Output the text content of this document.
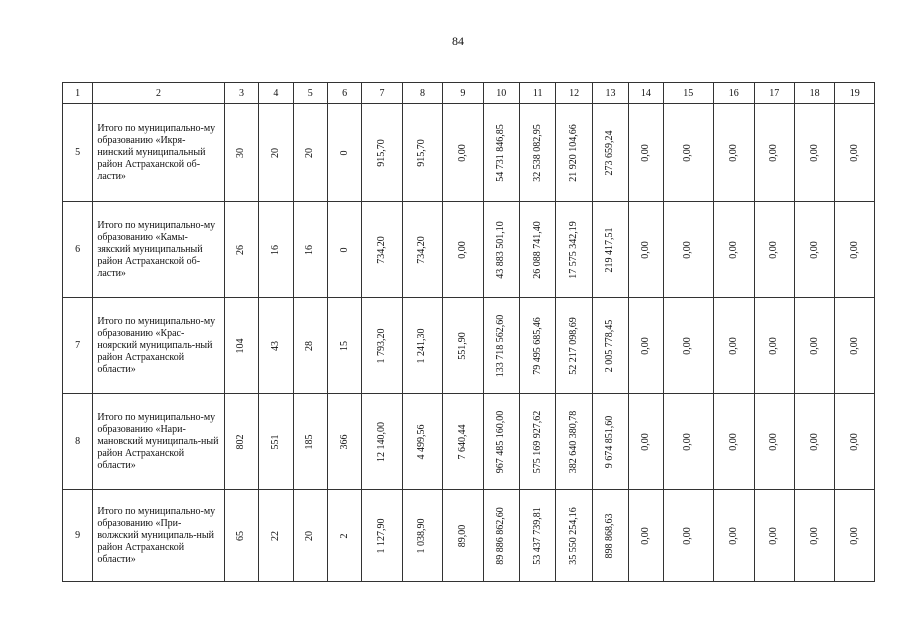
84
1	2	3	4	5	6	7	8	9	10	11	12	13	14	15	16	17	18	19
5	Итого по муниципально-му образованию «Икря-нинский муниципальный район Астраханской об-ласти»	30	20	20	0	915,70	915,70	0,00	54 731 846,85	32 538 082,95	21 920 104,66	273 659,24	0,00	0,00	0,00	0,00	0,00	0,00

6	Итого по муниципально-му образованию «Камы-зякский муниципальный район Астраханской об-ласти»	26	16	16	0	734,20	734,20	0,00	43 883 501,10	26 088 741,40	17 575 342,19	219 417,51	0,00	0,00	0,00	0,00	0,00	0,00

7	Итого по муниципально-му образованию «Крас-ноярский муниципаль-ный район Астраханской области»	104	43	28	15	1 793,20	1 241,30	551,90	133 718 562,60	79 495 685,46	52 217 098,69	2 005 778,45	0,00	0,00	0,00	0,00	0,00	0,00

8	Итого по муниципально-му образованию «Нари-мановский муниципаль-ный район Астраханской области»	802	551	185	366	12 140,00	4 499,56	7 640,44	967 485 160,00	575 169 927,62	382 640 380,78	9 674 851,60	0,00	0,00	0,00	0,00	0,00	0,00

9	Итого по муниципально-му образованию «При-волжский муниципаль-ный район Астраханской области»	65	22	20	2	1 127,90	1 038,90	89,00	89 886 862,60	53 437 739,81	35 550 254,16	898 868,63	0,00	0,00	0,00	0,00	0,00	0,00
